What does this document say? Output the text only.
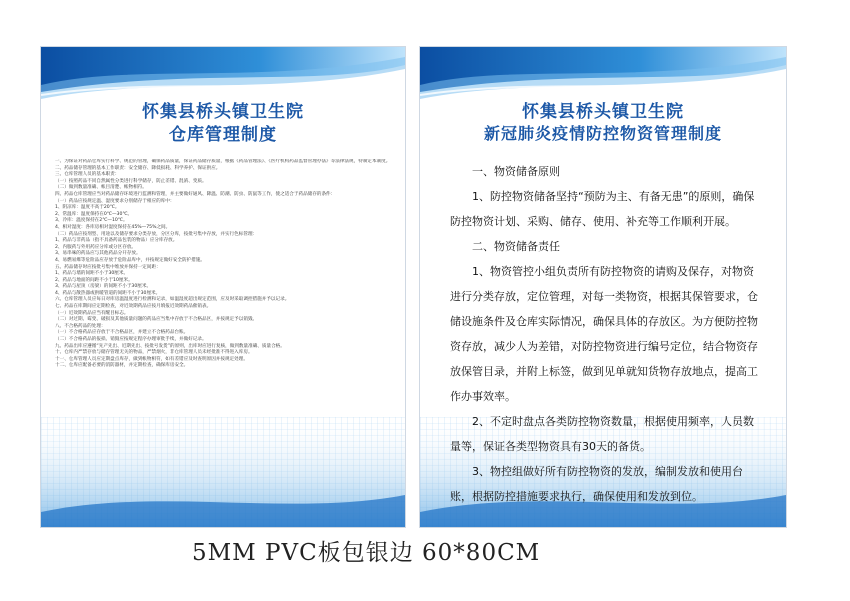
怀集县桥头镇卫生院
仓库管理制度

一、为保证对药品仓库实行科学、规范的管理，确保药品质量，保证药品储存质量，根据《药品管理法》、《医疗机构药品监督管理办法》等法律法规，特制定本制度。

二、药品储存管理的基本工作职责：安全储存、降低损耗、科学养护、保证供应。

三、仓库管理人员的基本职责：

（一）按照药品不同自然属性分类进行科学储存，防止差错、混淆、变质。

（二）做到数量准确、帐目清楚、帐物相符。

四、药品仓库管理应当对药品储存环境进行监测和管理，并主要做好通风、降温、防潮、防虫、防鼠等工作，使之适合于药品储存的条件：

（一）药品应按规定温、湿度要求分别储存于相应的库中：

1、阴凉库：温度不高于20℃。

2、常温库：温度保持在0℃—30℃。

3、冷库：温度保持在2℃—10℃。

4、相对湿度：各库房相对湿度保持在45%—75%之间。

（二）药品应按剂型、用途以及储存要求分类存放，分区分库，按批号集中存放，并实行色标管理：

1、药品与非药品（指不具备药品包装的物品）应分库存放。

2、内服药与外用药应分库或分区存放。

3、易串味的药品应与其他药品分开存放。

4、易燃易爆等危险品应存放于危险品库中，并按规定做好安全防护措施。

五、药品储存时应按批号集中堆放并保持一定间距：

1、药品与墙的间距不小于30厘米。

2、药品与地面的间距不小于10厘米。

3、药品与屋顶（房梁）的间距不小于30厘米。

4、药品与散热器或供暖管道的间距不小于30厘米。

六、仓库管理人员应每日对库房温湿度进行检测和记录，如温湿度超出规定范围，应及时采取调控措施并予以记录。

七、药品在库期间应定期检查，对近效期药品应按月填报近效期药品催销表。

（一）近效期药品应当有醒目标志。

（二）对过期、霉变、破损及其他质量问题的药品应当集中存放于不合格品区，并按规定予以销毁。

八、不合格药品的处理：

（一）不合格药品应存放于不合格品区，并建立不合格药品台账。

（二）不合格药品的报损、销毁应按规定程序办理审批手续，并做好记录。

九、药品出库应遵循“先产先出、近期先出、按批号发货”的原则，出库时应进行复核，做到数量准确、质量合格。

十、仓库内严禁存放与储存管理无关的物品，严禁烟火，非仓库管理人员未经批准不得进入库房。

十一、仓库管理人员应定期盘点库存，做到帐物相符，如有差错应及时查明原因并按规定处理。

十二、仓库应配备必要的消防器材，并定期检查，确保库房安全。

怀集县桥头镇卫生院
新冠肺炎疫情防控物资管理制度

一、物资储备原则

1、防控物资储备坚持“预防为主、有备无患”的原则，确保防控物资计划、采购、储存、使用、补充等工作顺利开展。

二、物资储备责任

1、物资管控小组负责所有防控物资的请购及保存，对物资进行分类存放，定位管理，对每一类物资，根据其保管要求，仓储设施条件及仓库实际情况，确保具体的存放区。为方便防控物资存放，减少人为差错，对防控物资进行编号定位，结合物资存放保管目录，并附上标签，做到见单就知货物存放地点，提高工作办事效率。

2、不定时盘点各类防控物资数量，根据使用频率，人员数量等，保证各类型物资具有30天的备货。

3、物控组做好所有防控物资的发放，编制发放和使用台账，根据防控措施要求执行，确保使用和发放到位。

5MM PVC板包银边 60*80CM
